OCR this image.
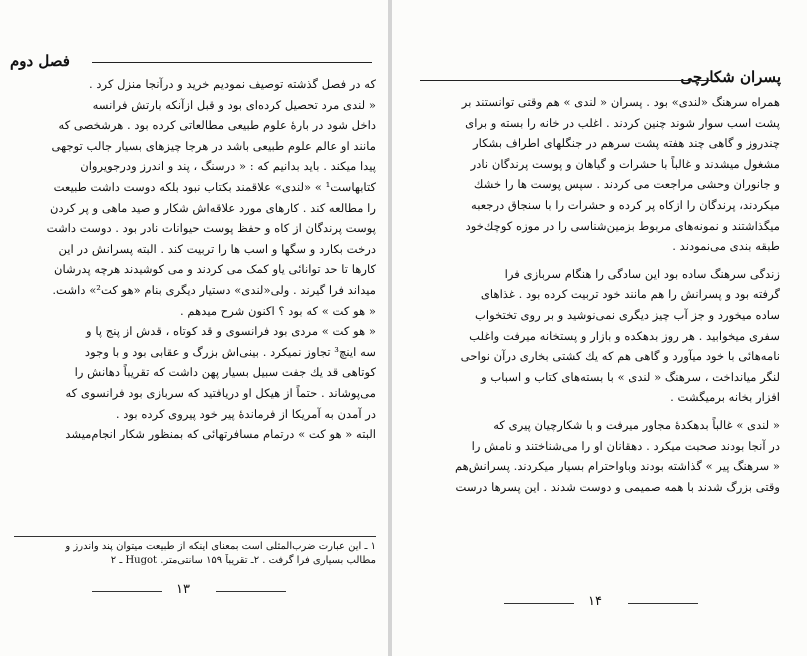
فصل دوم

که در فصل گذشته توصیف نمودیم خرید و درآنجا منزل کرد .

« لندی مرد تحصیل کرده‌ای بود و قبل ازآنکه بارتش فرانسه

داخل شود در بارهٔ علوم طبیعی مطالعاتی کرده بود . هرشخصی که

مانند او عالم علوم طبیعی باشد در هرجا چیزهای بسیار جالب توجهی

پیدا میکند . باید بدانیم که : « درسنگ ، پند و اندرز ودرجویروان

کتابهاست¹ » «لندی» علاقمند بکتاب نبود بلکه دوست داشت طبیعت

را مطالعه کند . کارهای مورد علاقه‌اش شکار و صید ماهی و پر کردن

پوست پرندگان از کاه و حفظ پوست حیوانات نادر بود . دوست داشت

درخت بکارد و سگها و اسب ها را تربیت کند . البته پسرانش در این

کارها تا حد توانائی یاو کمک می کردند و می کوشیدند هرچه پدرشان

میداند فرا گیرند . ولی«لندی» دستیار دیگری بنام «هو کت²» داشت.

« هو کت » که بود ؟ اکنون شرح میدهم .

« هو کت » مردی بود فرانسوی و قد کوتاه ، قدش از پنج پا و

سه اینچ³ تجاوز نمیکرد . بینی‌اش بزرگ و عقابی بود و با وجود

کوتاهی قد یك جفت سبیل بسیار پهن داشت که تقریباً دهانش را

می‌پوشاند . حتماً از هیکل او دریافتید که سربازی بود فرانسوی که

در آمدن به آمریکا از فرماندهٔ پیر خود پیروی کرده بود .

البته « هو کت » درتمام مسافرتهائی که بمنظور شکار انجام‌میشد

۱ ـ این عبارت ضرب‌المثلی است بمعنای اینکه از طبیعت میتوان پند واندرز و

مطالب بسیاری فرا گرفت . ۲ـ تقریباً ۱۵۹ سانتی‌متر. Hugot ـ ۲

۱۳
پسران شکارچی

همراه سرهنگ «لندی» بود . پسران « لندی » هم وقتی توانستند بر

پشت اسب سوار شوند چنین کردند . اغلب در خانه را بسته و برای

چندروز و گاهی چند هفته پشت سرهم در جنگلهای اطراف بشکار

مشغول میشدند و غالباً با حشرات و گیاهان و پوست پرندگان نادر

و جانوران وحشی مراجعت می کردند . سپس پوست ها را خشك

میکردند، پرندگان را ازکاه پر کرده و حشرات را با سنجاق درجعبه

میگذاشتند و نمونه‌های مربوط بزمین‌شناسی را در موزه کوچك‌خود

طبقه بندی می‌نمودند .

زندگی سرهنگ ساده بود این سادگی را هنگام سربازی فرا

گرفته بود و پسرانش را هم مانند خود تربیت کرده بود . غذاهای

ساده میخورد و جز آب چیز دیگری نمی‌نوشید و بر روی تختخواب

سفری میخوابید . هر روز بدهکده و بازار و پستخانه میرفت واغلب

نامه‌هائی با خود میآورد و گاهی هم که یك کشتی بخاری درآن نواحی

لنگر میانداخت ، سرهنگ « لندی » با بسته‌های کتاب و اسباب و

افزار بخانه برمیگشت .

« لندی » غالباً بدهکدهٔ مجاور میرفت و با شکارچیان پیری که

در آنجا بودند صحبت میکرد . دهقانان او را می‌شناختند و نامش را

« سرهنگ پیر » گذاشته بودند وباواحترام بسیار میکردند. پسرانش‌هم

وقتی بزرگ شدند با همه صمیمی و دوست شدند . این پسرها درست

۱۴
